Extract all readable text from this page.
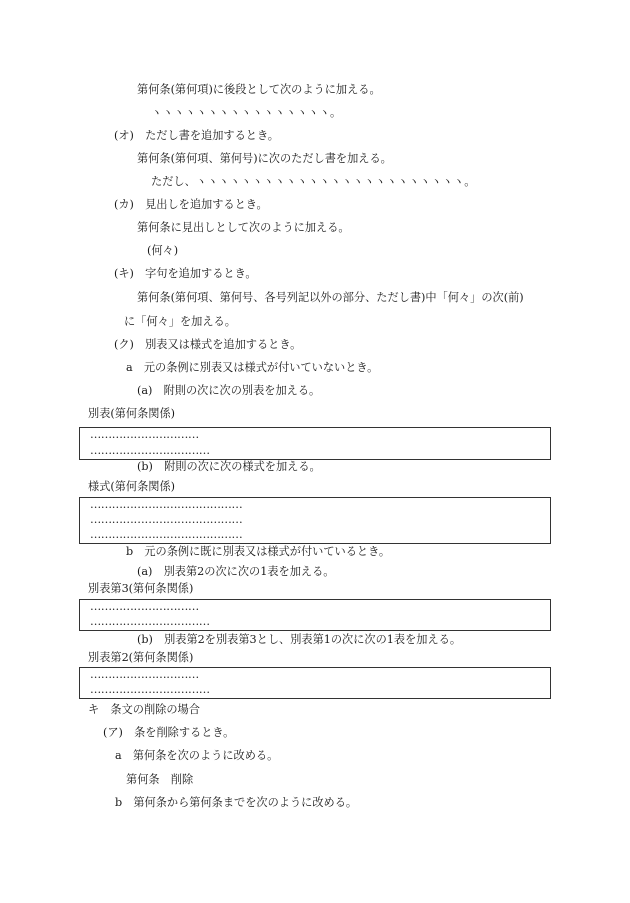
第何条(第何項)に後段として次のように加える。
ヽヽヽヽヽヽヽヽヽヽヽヽヽヽヽヽ。
(オ)　ただし書を追加するとき。
第何条(第何項、第何号)に次のただし書を加える。
ただし、ヽヽヽヽヽヽヽヽヽヽヽヽヽヽヽヽヽヽヽヽヽヽヽヽ。
(カ)　見出しを追加するとき。
第何条に見出しとして次のように加える。
(何々)
(キ)　字句を追加するとき。
第何条(第何項、第何号、各号列記以外の部分、ただし書)中「何々」の次(前)
に「何々」を加える。
(ク)　別表又は様式を追加するとき。
a　元の条例に別表又は様式が付いていないとき。
(a)　附則の次に次の別表を加える。
別表(第何条関係)
…………………………
……………………………
(b)　附則の次に次の様式を加える。
様式(第何条関係)
……………………………………
……………………………………
……………………………………
b　元の条例に既に別表又は様式が付いているとき。
(a)　別表第2の次に次の1表を加える。
別表第3(第何条関係)
…………………………
……………………………
(b)　別表第2を別表第3とし、別表第1の次に次の1表を加える。
別表第2(第何条関係)
…………………………
……………………………
キ　条文の削除の場合
(ア)　条を削除するとき。
a　第何条を次のように改める。
第何条　削除
b　第何条から第何条までを次のように改める。
